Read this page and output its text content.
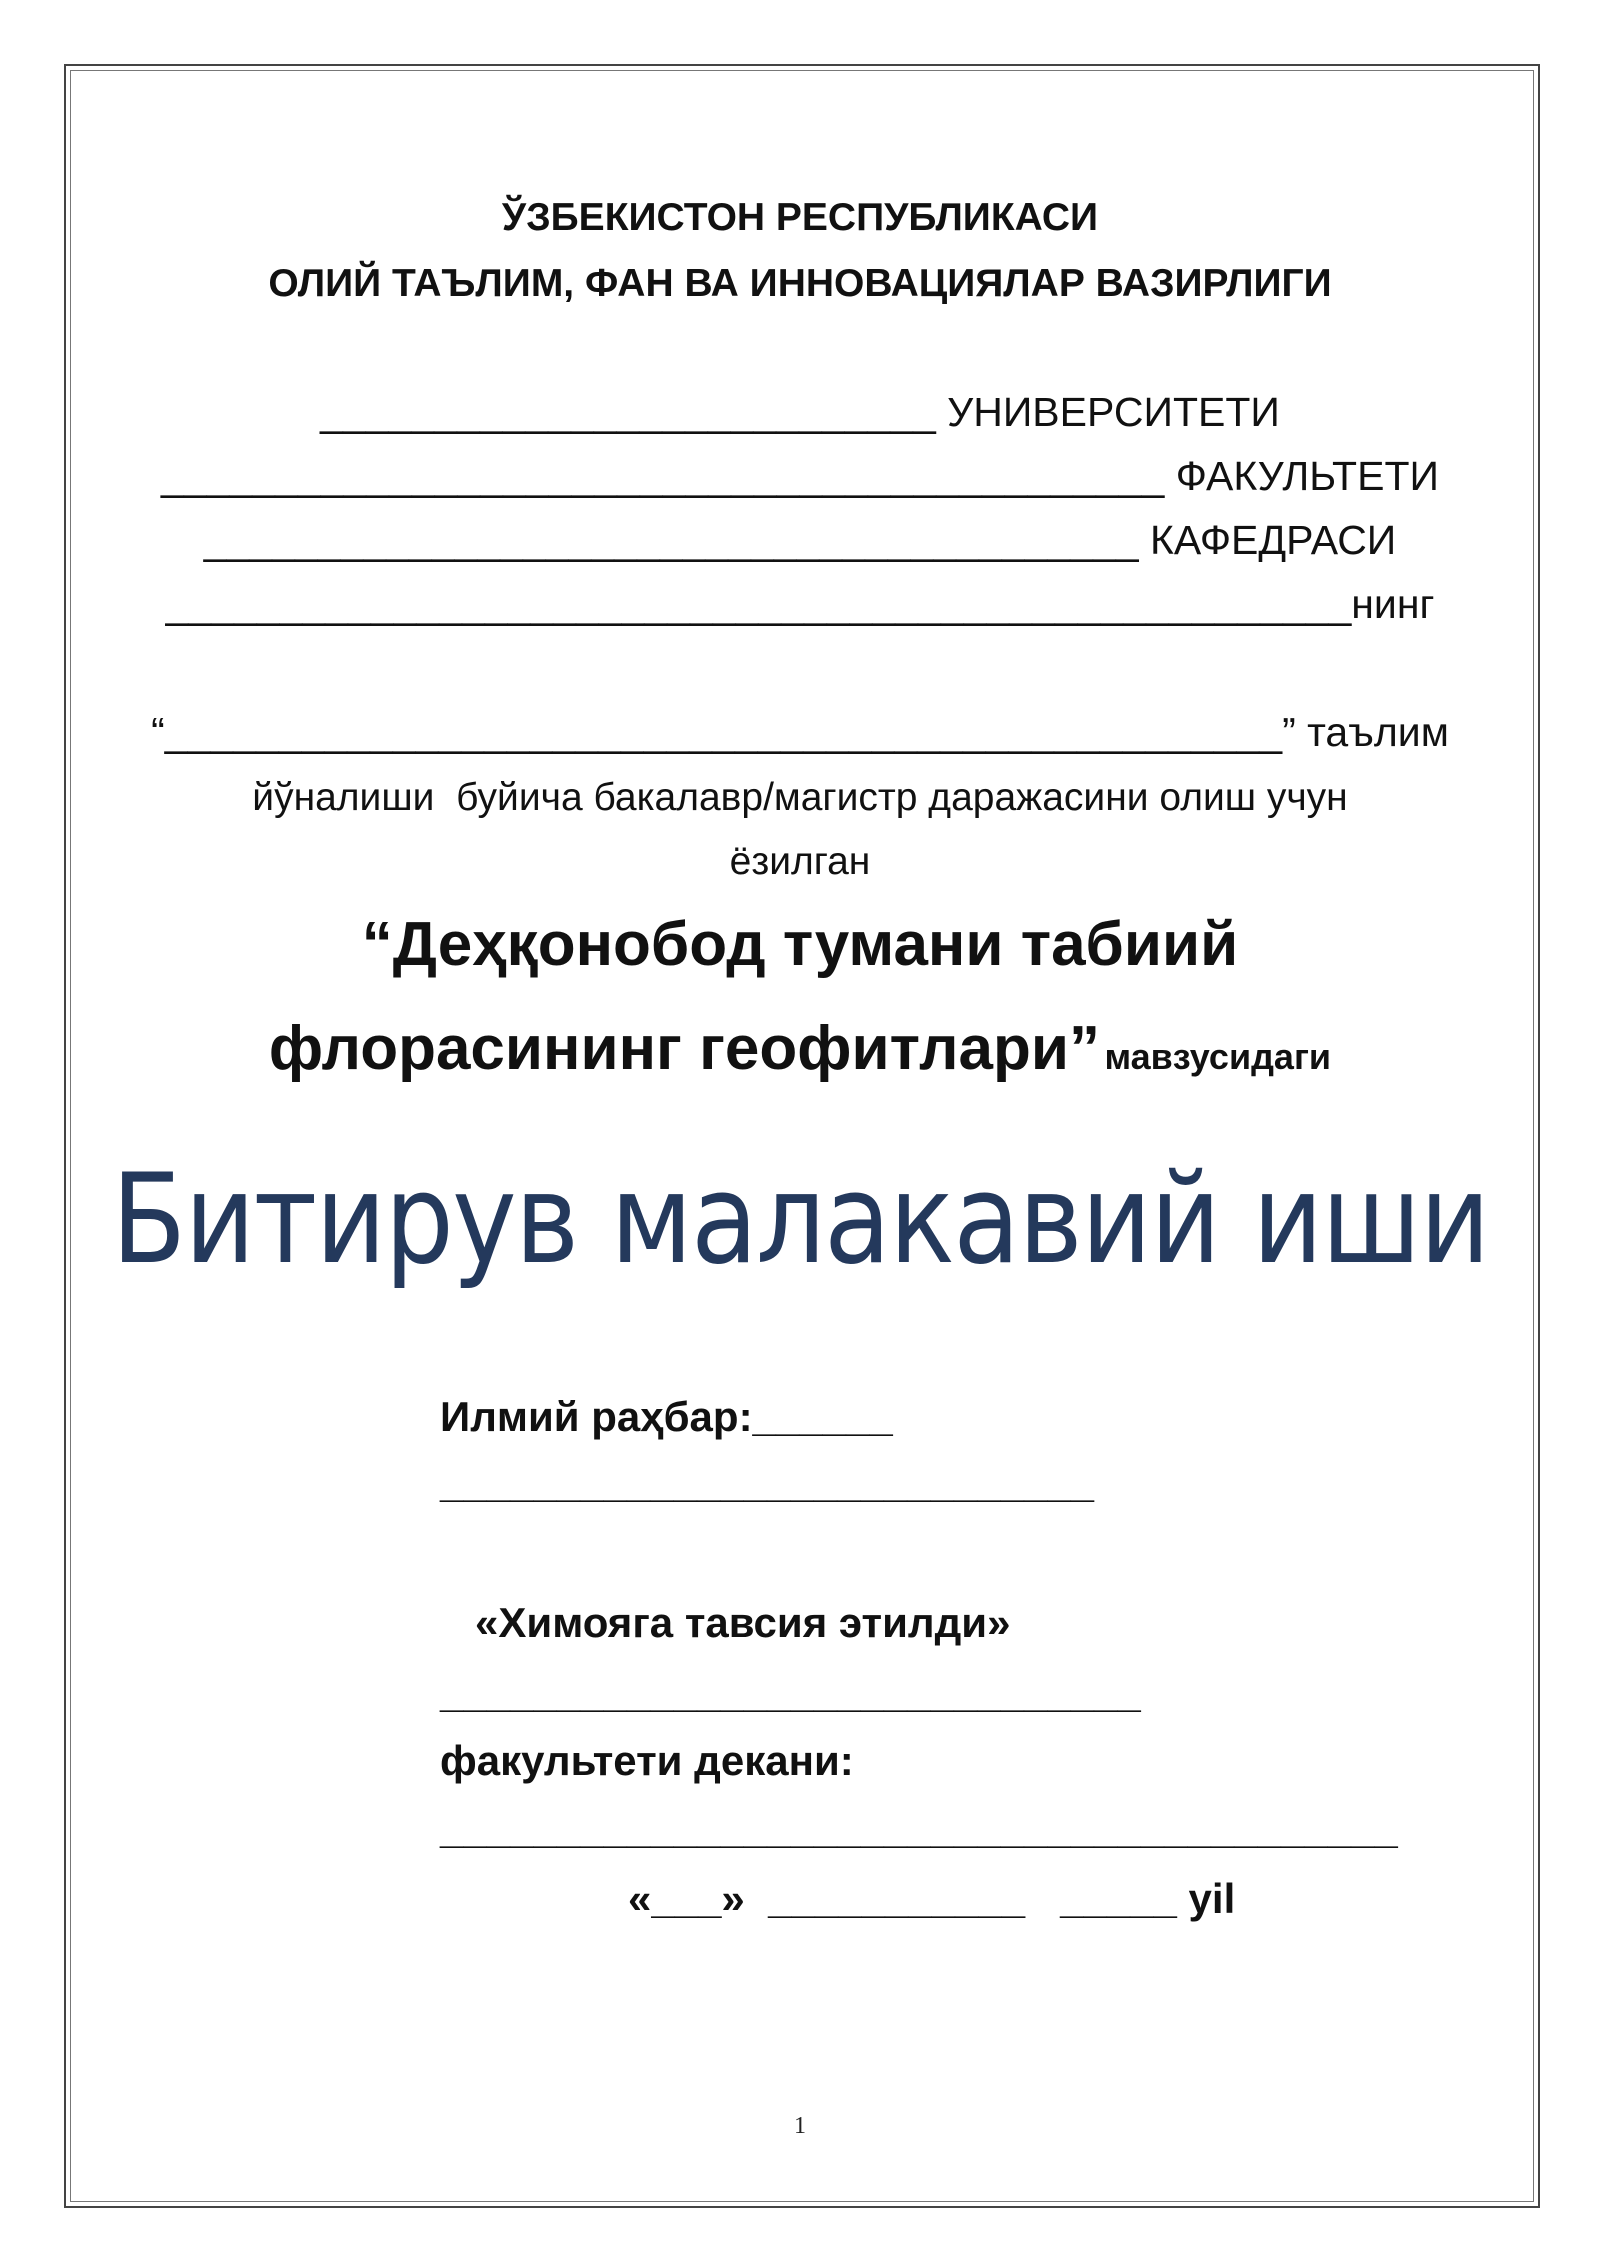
ЎЗБЕКИСТОН РЕСПУБЛИКАСИ
ОЛИЙ ТАЪЛИМ, ФАН ВА ИННОВАЦИЯЛАР ВАЗИРЛИГИ
___________________________ УНИВЕРСИТЕТИ
____________________________________________ ФАКУЛЬТЕТИ
_________________________________________ КАФЕДРАСИ
____________________________________________________нинг
“_________________________________________________” таълим
йўналиши  буйича бакалавр/магистр даражасини олиш учун
ёзилган
“Деҳқонобод тумани табиий
флорасининг геофитлари” мавзусидаги
Битирув малакавий иши
Илмий раҳбар:______
____________________________
«Химояга тавсия этилди»
______________________________
факультети декани:
_________________________________________
«___»  ___________   _____ yil
1
